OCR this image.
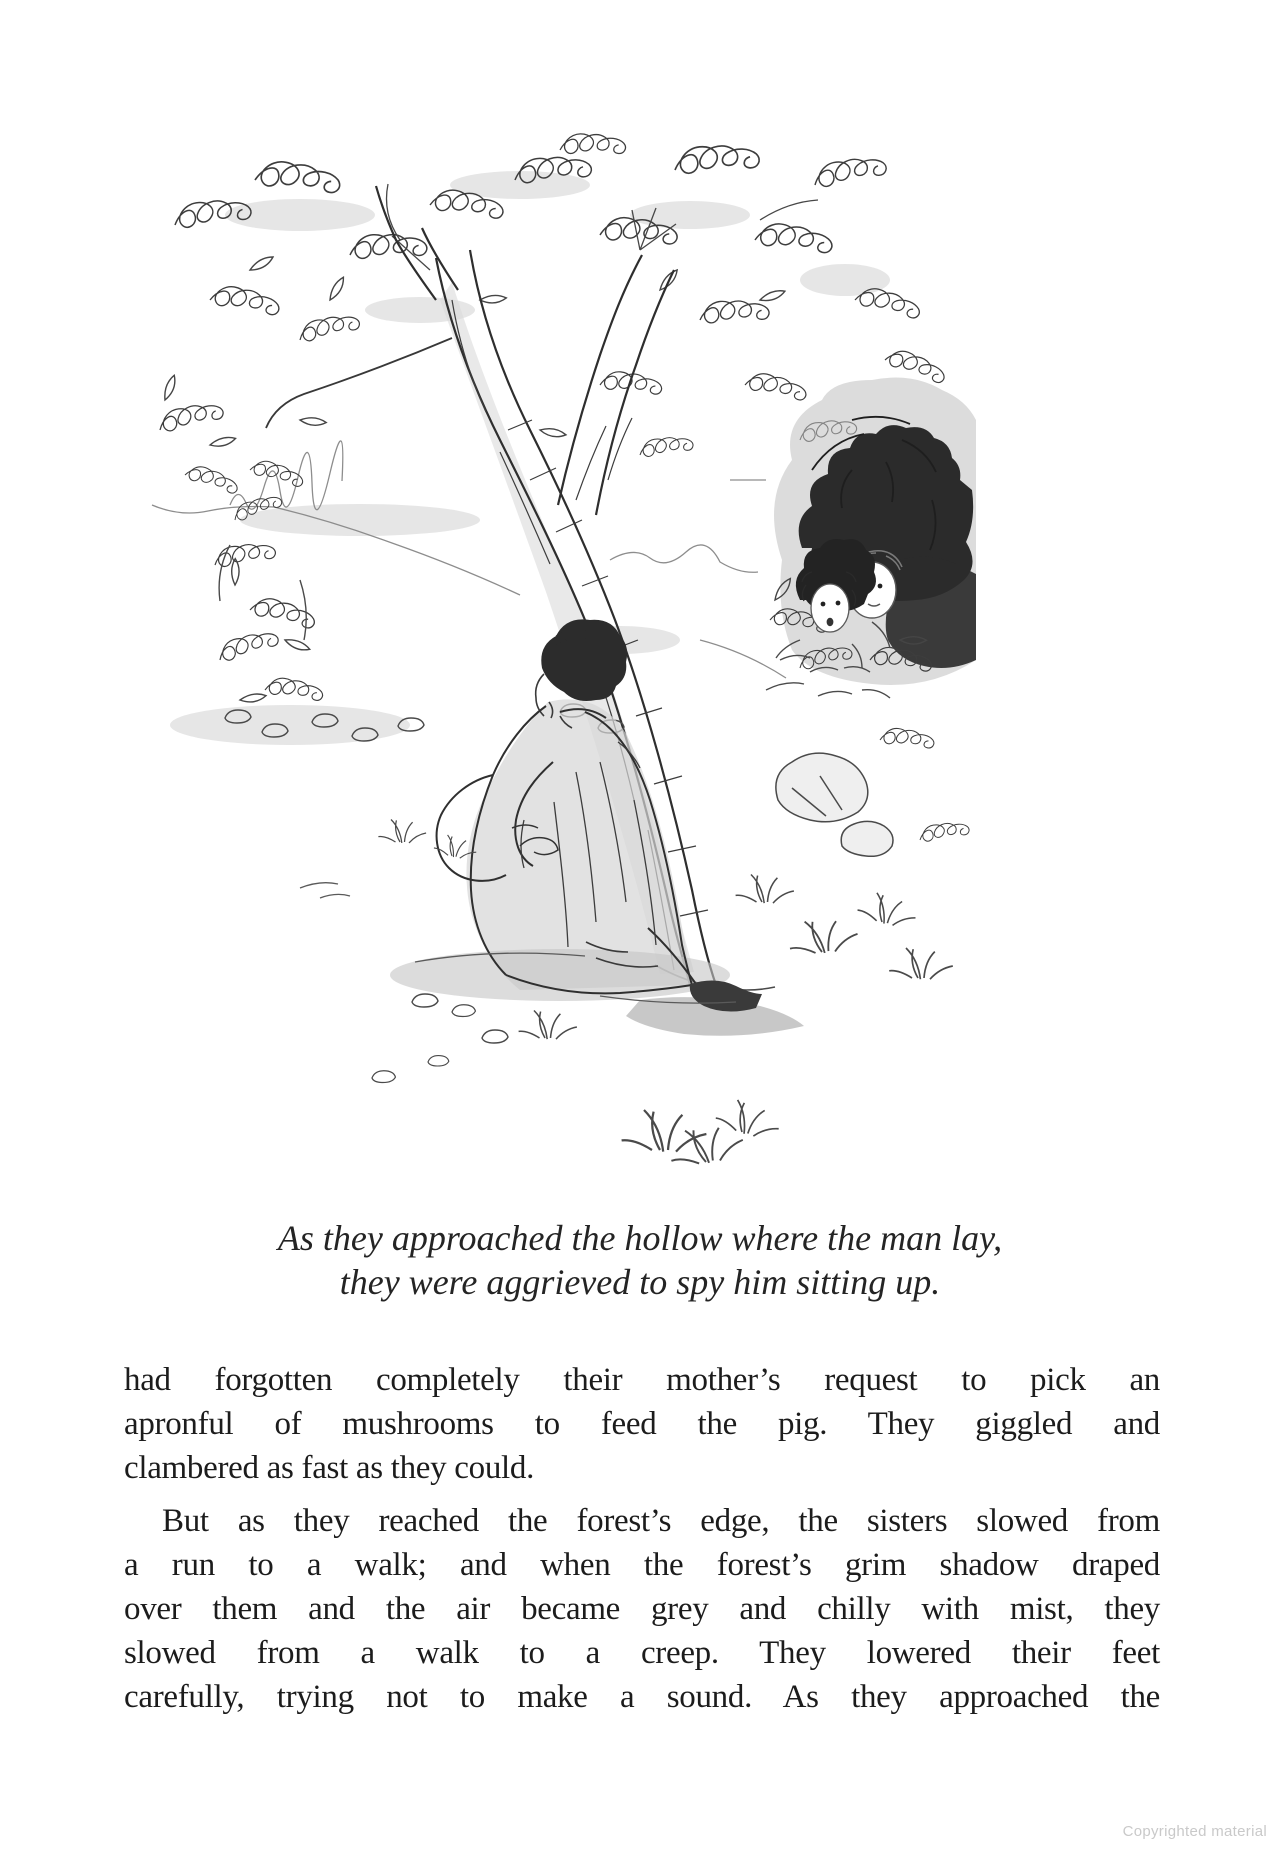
As they approached the hollow where the man lay,
they were aggrieved to spy him sitting up.
had forgotten completely their mother’s request to pick an
apronful of mushrooms to feed the pig. They giggled and
clambered as fast as they could.
But as they reached the forest’s edge, the sisters slowed from
a run to a walk; and when the forest’s grim shadow draped
over them and the air became grey and chilly with mist, they
slowed from a walk to a creep. They lowered their feet
carefully, trying not to make a sound. As they approached the
Copyrighted material
